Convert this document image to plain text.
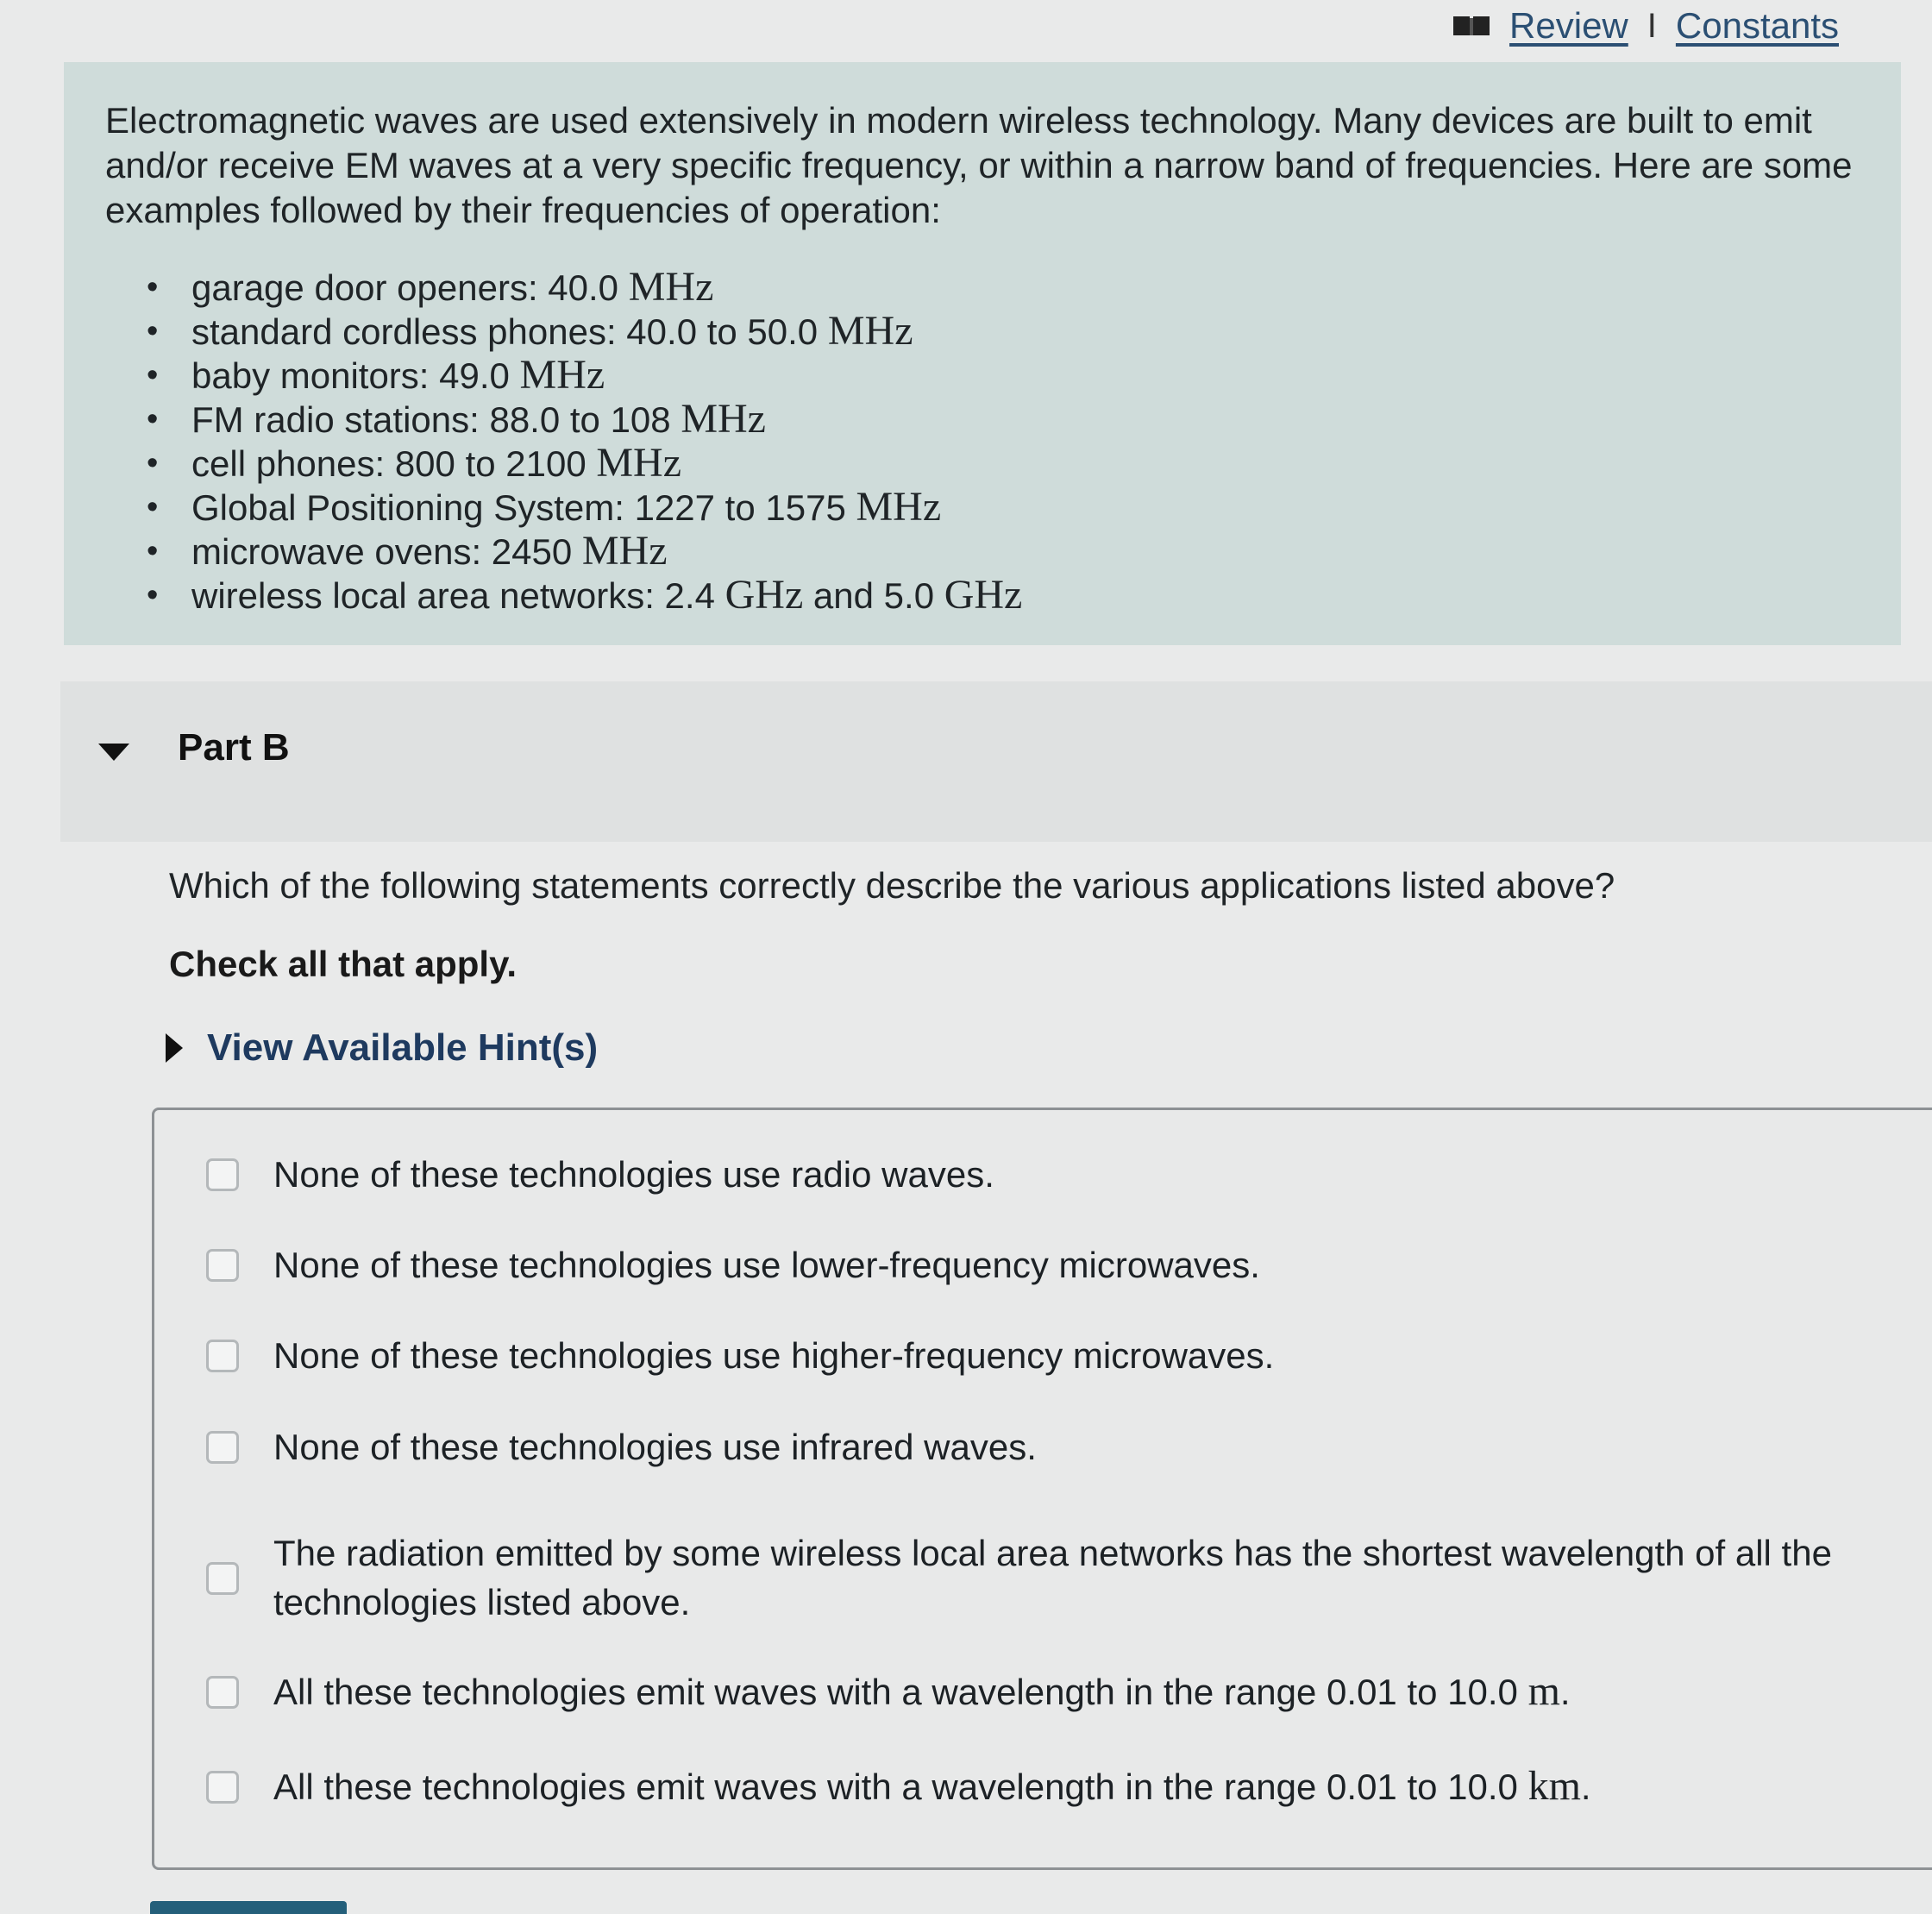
Review I Constants

Electromagnetic waves are used extensively in modern wireless technology. Many devices are built to emit and/or receive EM waves at a very specific frequency, or within a narrow band of frequencies. Here are some examples followed by their frequencies of operation:

• garage door openers: 40.0 MHz
• standard cordless phones: 40.0 to 50.0 MHz
• baby monitors: 49.0 MHz
• FM radio stations: 88.0 to 108 MHz
• cell phones: 800 to 2100 MHz
• Global Positioning System: 1227 to 1575 MHz
• microwave ovens: 2450 MHz
• wireless local area networks: 2.4 GHz and 5.0 GHz
Part B
Which of the following statements correctly describe the various applications listed above?
Check all that apply.
View Available Hint(s)
None of these technologies use radio waves.
None of these technologies use lower-frequency microwaves.
None of these technologies use higher-frequency microwaves.
None of these technologies use infrared waves.
The radiation emitted by some wireless local area networks has the shortest wavelength of all the technologies listed above.
All these technologies emit waves with a wavelength in the range 0.01 to 10.0 m.
All these technologies emit waves with a wavelength in the range 0.01 to 10.0 km.
